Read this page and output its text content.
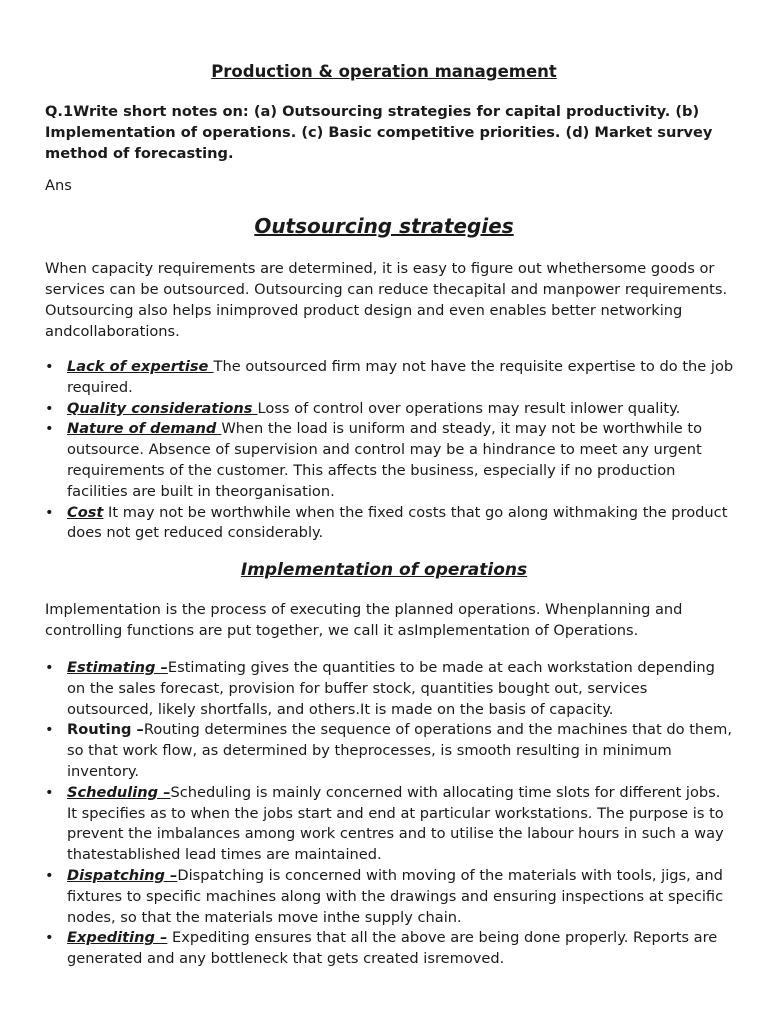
Production & operation management

Q.1Write short notes on: (a) Outsourcing strategies for capital productivity. (b) Implementation of operations. (c) Basic competitive priorities. (d) Market survey method of forecasting.

Ans

Outsourcing strategies

When capacity requirements are determined, it is easy to figure out whethersome goods or services can be outsourced. Outsourcing can reduce thecapital and manpower requirements. Outsourcing also helps inimproved product design and even enables better networking andcollaborations.

• Lack of expertise The outsourced firm may not have the requisite expertise to do the job required.
• Quality considerations Loss of control over operations may result inlower quality.
• Nature of demand When the load is uniform and steady, it may not be worthwhile to outsource. Absence of supervision and control may be a hindrance to meet any urgent requirements of the customer. This affects the business, especially if no production facilities are built in theorganisation.
• Cost It may not be worthwhile when the fixed costs that go along withmaking the product does not get reduced considerably.
Implementation of operations

Implementation is the process of executing the planned operations. Whenplanning and controlling functions are put together, we call it asImplementation of Operations.

• Estimating –Estimating gives the quantities to be made at each workstation depending on the sales forecast, provision for buffer stock, quantities bought out, services outsourced, likely shortfalls, and others.It is made on the basis of capacity.
• Routing –Routing determines the sequence of operations and the machines that do them, so that work flow, as determined by theprocesses, is smooth resulting in minimum inventory.
• Scheduling –Scheduling is mainly concerned with allocating time slots for different jobs. It specifies as to when the jobs start and end at particular workstations. The purpose is to prevent the imbalances among work centres and to utilise the labour hours in such a way thatestablished lead times are maintained.
• Dispatching –Dispatching is concerned with moving of the materials with tools, jigs, and fixtures to specific machines along with the drawings and ensuring inspections at specific nodes, so that the materials move inthe supply chain.
• Expediting – Expediting ensures that all the above are being done properly. Reports are generated and any bottleneck that gets created isremoved.
